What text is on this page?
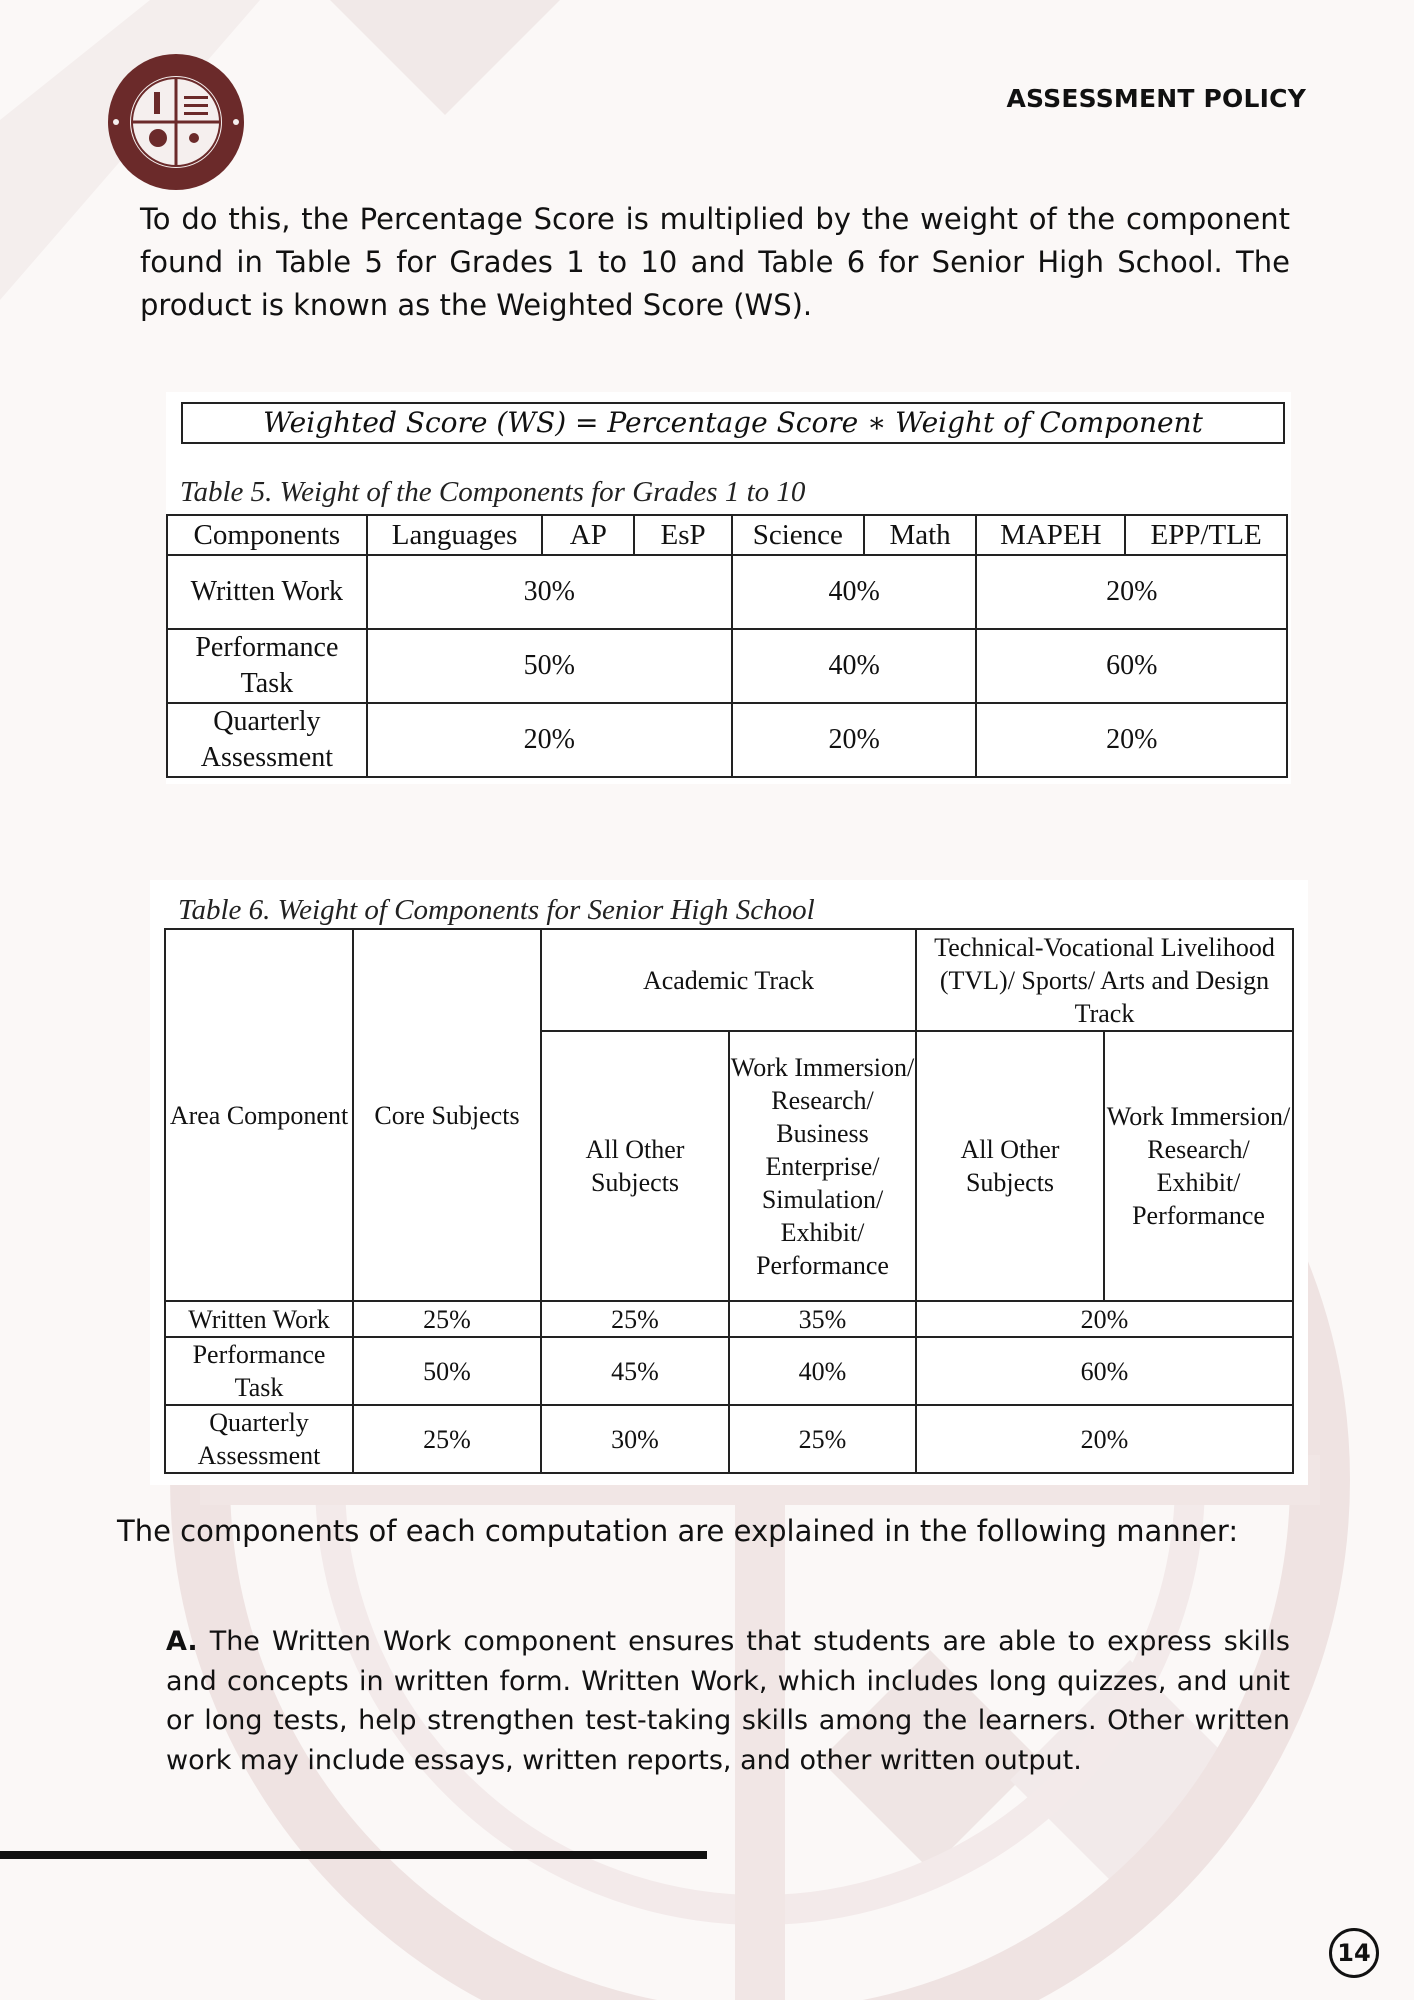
ASSESSMENT POLICY

To do this, the Percentage Score is multiplied by the weight of the component found in Table 5 for Grades 1 to 10 and Table 6 for Senior High School. The product is known as the Weighted Score (WS).

Weighted Score (WS) = Percentage Score ∗ Weight of Component
Table 5. Weight of the Components for Grades 1 to 10
Components	Languages	AP	EsP	Science	Math	MAPEH	EPP/TLE
Written Work	30%			40%		20%	
Performance Task	50%			40%		60%	
Quarterly Assessment	20%			20%		20%	
Table 6. Weight of Components for Senior High School
Area Component	Core Subjects	Academic Track		Technical-Vocational Livelihood (TVL)/ Sports/ Arts and Design Track	
		All Other Subjects	Work Immersion/ Research/ Business Enterprise/ Simulation/ Exhibit/ Performance	All Other Subjects	Work Immersion/ Research/ Exhibit/ Performance
Written Work	25%	25%	35%	20%	
Performance Task	50%	45%	40%	60%	
Quarterly Assessment	25%	30%	25%	20%	

The components of each computation are explained in the following manner:

A. The Written Work component ensures that students are able to express skills and concepts in written form. Written Work, which includes long quizzes, and unit or long tests, help strengthen test-taking skills among the learners. Other written work may include essays, written reports, and other written output.

14
